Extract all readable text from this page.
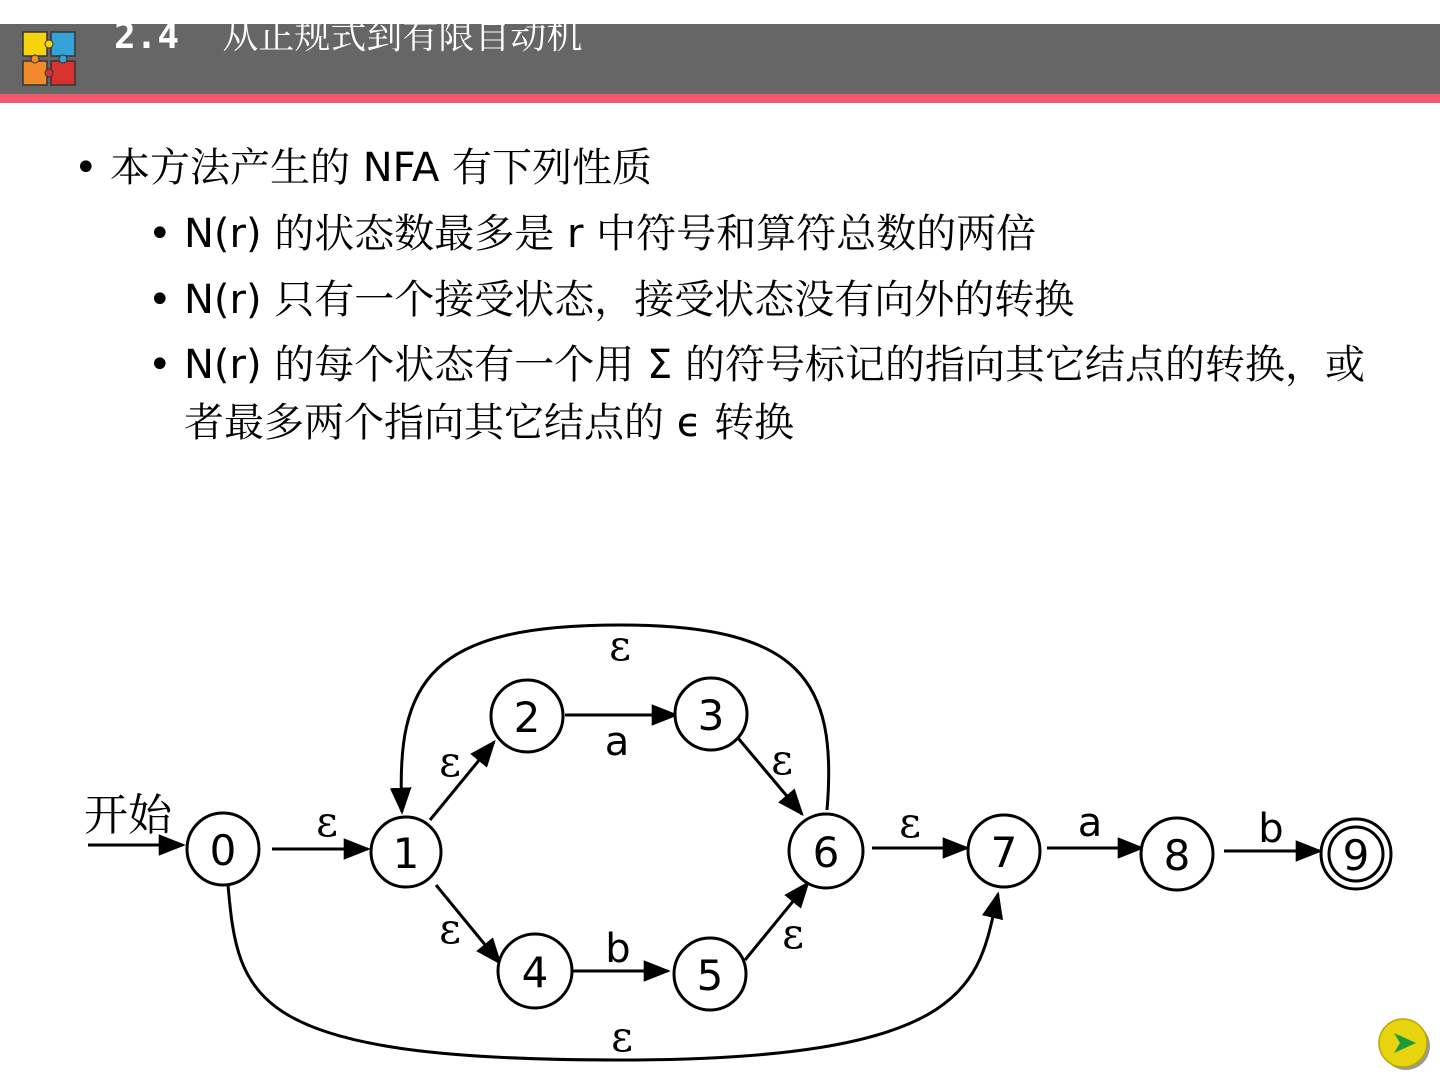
2.4 从正规式到有限自动机
• 本方法产生的 NFA 有下列性质
• N(r) 的状态数最多是 r 中符号和算符总数的两倍
• N(r) 只有一个接受状态，接受状态没有向外的转换
• N(r) 的每个状态有一个用 Σ 的符号标记的指向其它结点的转换，或者最多两个指向其它结点的 ϵ 转换
开始	ε
ε	ε
ε	ε
ε
ε
ε
a
b
a	b
0	1
2	3
4	5
6	7	8	9
